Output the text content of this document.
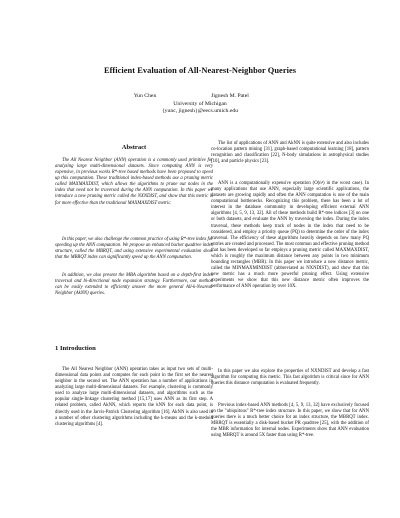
Efficient Evaluation of All-Nearest-Neighbor Queries
Yun Chen	Jignesh M. Patel
University of Michigan
{yunc, jignesh}@eecs.umich.edu
Abstract
The All Nearest Neighbor (ANN) operation is a commonly used primitive for analyzing large multi-dimensional datasets. Since computing ANN is very expensive, in previous works R*-tree based methods have been proposed to speed up this computation. These traditional index-based methods use a pruning metric called MAXMAXDIST, which allows the algorithms to prune out nodes in the index that need not be traversed during the ANN computation. In this paper we introduce a new pruning metric called the NXNDIST, and show that this metric is far more effective than the traditional MAXMAXDIST metric.
In this paper, we also challenge the common practice of using R*-tree index for speeding up the ANN computation. We propose an enhanced bucket quadtree index structure, called the MBRQT, and using extensive experimental evaluation show that the MBRQT index can significantly speed up the ANN computation.
In addition, we also present the MBA algorithm based on a depth-first index traversal and bi-directional node expansion strategy. Furthermore, our method can be easily extended to efficiently answer the more general All-k-Nearest-Neighbor (AkNN) queries.
1 Introduction
The All Nearest Neighbor (ANN) operation takes as input two sets of multi-dimensional data points and computes for each point in the first set the nearest neighbor in the second set. The ANN operation has a number of applications in analyzing large multi-dimensional datasets. For example, clustering is commonly used to analyze large multi-dimensional datasets, and algorithms such as the popular single-linkage clustering method [15,17] uses ANN as its first step. A related problem, called AkNN, which reports the kNN for each data point, is directly used in the Jarvis-Patrick Clustering algorithm [16]. AkNN is also used in a number of other clustering algorithms including the k-means and the k-medoid clustering algorithms [4].
The list of applications of ANN and AkNN is quite extensive and also includes co-location pattern mining [31], graph-based computational learning [18], pattern recognition and classification [22], N-body simulations in astrophysical studies [10], and particle physics [23].
ANN is a computationally expensive operation (O(n²) in the worst case). In many applications that use ANN, especially large scientific applications, the datasets are growing rapidly and often the ANN computation is one of the main computational bottlenecks. Recognizing this problem, there has been a lot of interest in the database community in developing efficient external ANN algorithms [4, 5, 9, 13, 32]. All of these methods build R*-tree indices [3] on one or both datasets, and evaluate the ANN by traversing the index. During the index traversal, these methods keep track of nodes in the index that need to be considered, and employ a priority queue (PQ) to determine the order of the index traversal. The efficiency of these algorithms heavily depends on how many PQ entries are created and processed. The most common and effective pruning method that has been developed so far employs a pruning metric called MAXMAXDIST, which is roughly the maximum distance between any points in two minimum bounding rectangles (MBR). In this paper we introduce a new distance metric, called the MINMAXMINDIST (abbreviated as NXNDIST), and show that this new metric has a much more powerful pruning effect. Using extensive experiments we show that this new distance metric often improves the performance of ANN operation by over 10X.
In this paper we also explore the properties of NXNDIST and develop a fast algorithm for computing this metric. This fast algorithm is critical since for ANN queries this distance computation is evaluated frequently.
Previous index-based ANN methods [4, 5, 9, 13, 32] have exclusively focused on the "ubiquitous" R*-tree index structure. In this paper, we show that for ANN queries there is a much better choice for an index structure, the MBRQT index. MBRQT is essentially a disk-based bucket PR quadtree [25], with the addition of the MBR information for internal nodes. Experiments show that ANN evaluation using MBRQT is around 5X faster than using R*-tree.
